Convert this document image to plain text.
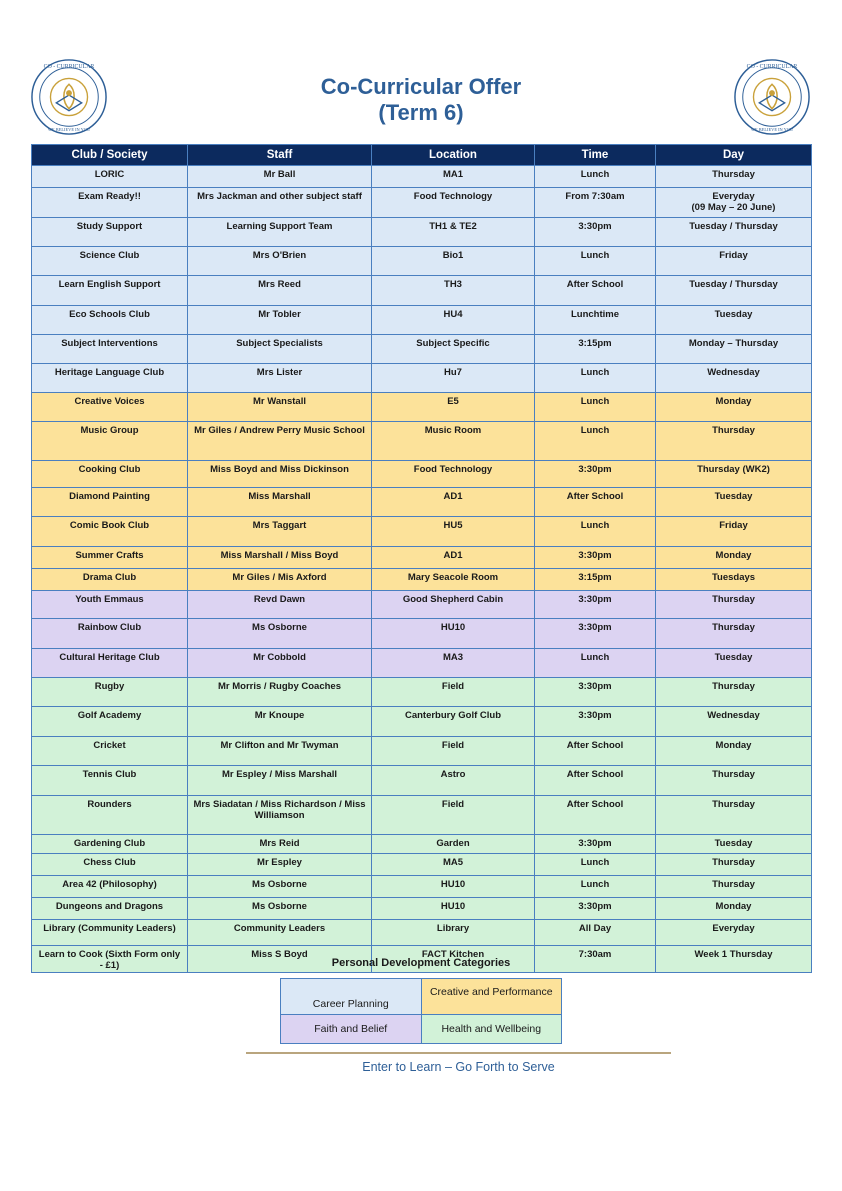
CO - CURRICULAR
WE BELIEVE IN YOU
CO - CURRICULAR
WE BELIEVE IN YOU
Co-Curricular Offer
(Term 6)
Club / Society	Staff	Location	Time	Day
LORIC	Mr Ball	MA1	Lunch	Thursday
Exam Ready!!	Mrs Jackman and other subject staff	Food Technology	From 7:30am	Everyday
(09 May – 20 June)
Study Support	Learning Support Team	TH1 & TE2	3:30pm	Tuesday / Thursday
Science Club	Mrs O'Brien	Bio1	Lunch	Friday
Learn English Support	Mrs Reed	TH3	After School	Tuesday / Thursday
Eco Schools Club	Mr Tobler	HU4	Lunchtime	Tuesday
Subject Interventions	Subject Specialists	Subject Specific	3:15pm	Monday – Thursday
Heritage Language Club	Mrs Lister	Hu7	Lunch	Wednesday
Creative Voices	Mr Wanstall	E5	Lunch	Monday
Music Group	Mr Giles / Andrew Perry Music School	Music Room	Lunch	Thursday
Cooking Club	Miss Boyd and Miss Dickinson	Food Technology	3:30pm	Thursday (WK2)
Diamond Painting	Miss Marshall	AD1	After School	Tuesday
Comic Book Club	Mrs Taggart	HU5	Lunch	Friday
Summer Crafts	Miss Marshall / Miss Boyd	AD1	3:30pm	Monday
Drama Club	Mr Giles / Mis Axford	Mary Seacole Room	3:15pm	Tuesdays
Youth Emmaus	Revd Dawn	Good Shepherd Cabin	3:30pm	Thursday
Rainbow Club	Ms Osborne	HU10	3:30pm	Thursday
Cultural Heritage Club	Mr Cobbold	MA3	Lunch	Tuesday
Rugby	Mr Morris / Rugby Coaches	Field	3:30pm	Thursday
Golf Academy	Mr Knoupe	Canterbury Golf Club	3:30pm	Wednesday
Cricket	Mr Clifton and Mr Twyman	Field	After School	Monday
Tennis Club	Mr Espley / Miss Marshall	Astro	After School	Thursday
Rounders	Mrs Siadatan / Miss Richardson / Miss Williamson	Field	After School	Thursday
Gardening Club	Mrs Reid	Garden	3:30pm	Tuesday
Chess Club	Mr Espley	MA5	Lunch	Thursday
Area 42 (Philosophy)	Ms Osborne	HU10	Lunch	Thursday
Dungeons and Dragons	Ms Osborne	HU10	3:30pm	Monday
Library (Community Leaders)	Community Leaders	Library	All Day	Everyday
Learn to Cook (Sixth Form only - £1)	Miss S Boyd	FACT Kitchen	7:30am	Week 1 Thursday
Personal Development Categories
Career Planning	Creative and Performance
Faith and Belief	Health and Wellbeing
Enter to Learn – Go Forth to Serve
